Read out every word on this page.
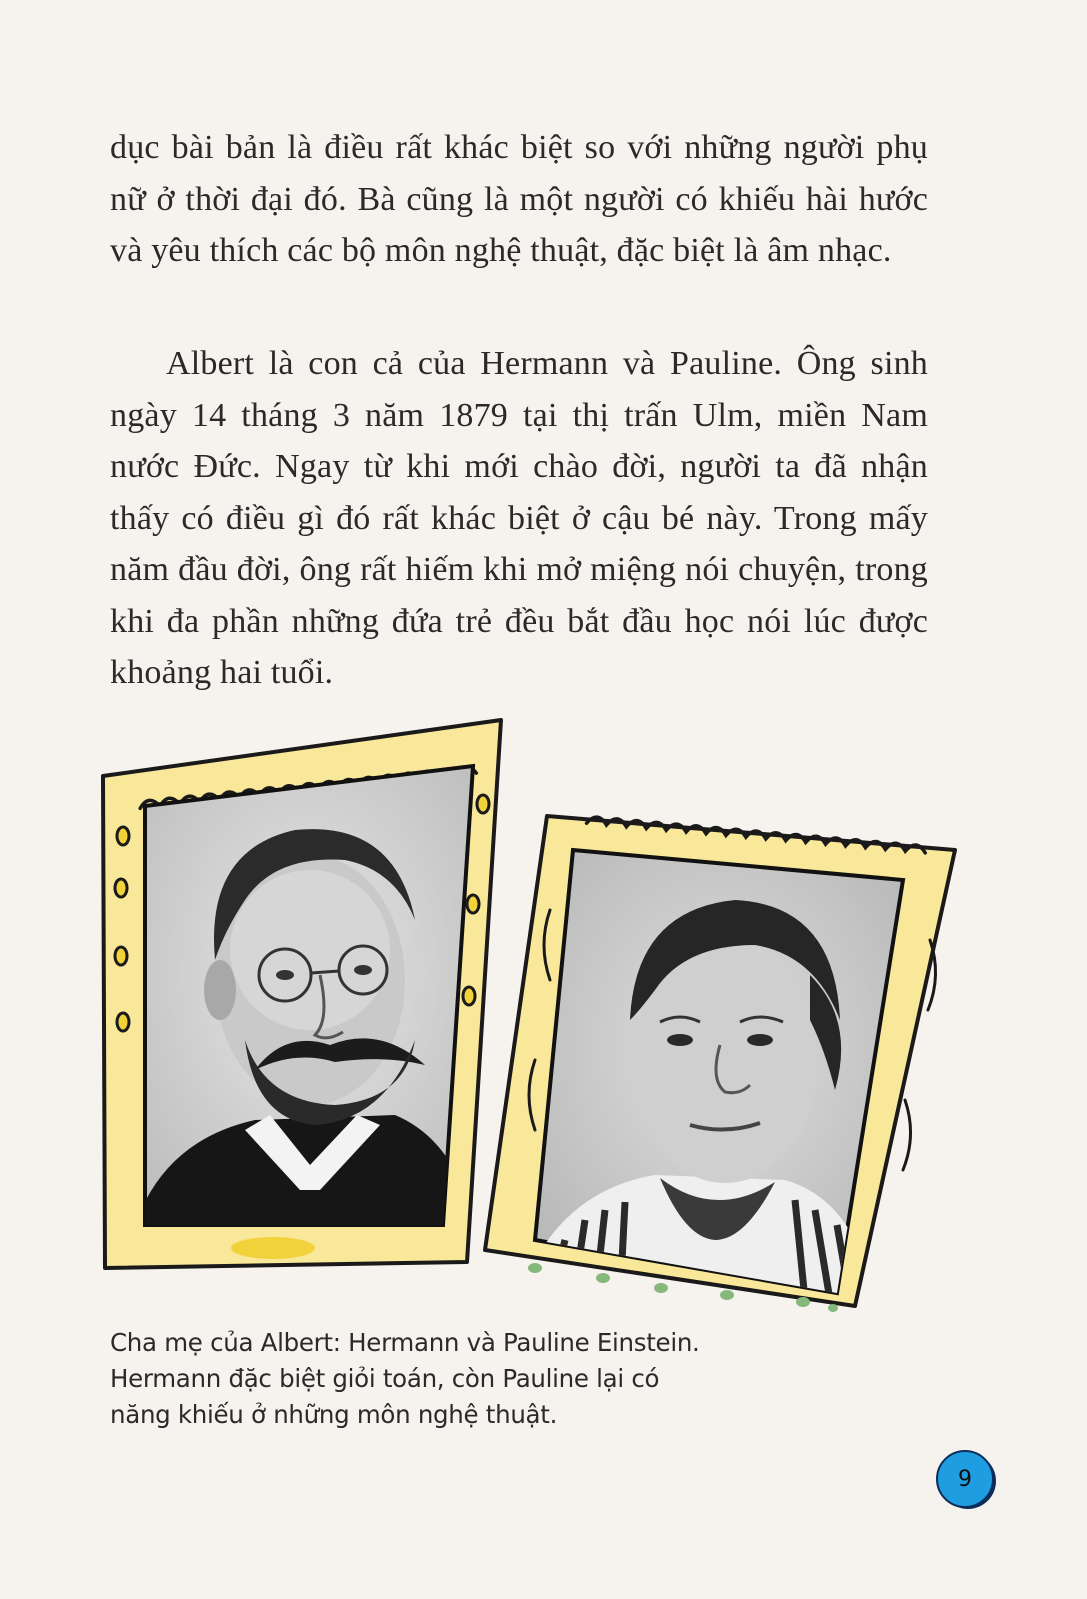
dục bài bản là điều rất khác biệt so với những người phụ nữ ở thời đại đó. Bà cũng là một người có khiếu hài hước và yêu thích các bộ môn nghệ thuật, đặc biệt là âm nhạc.

Albert là con cả của Hermann và Pauline. Ông sinh ngày 14 tháng 3 năm 1879 tại thị trấn Ulm, miền Nam nước Đức. Ngay từ khi mới chào đời, người ta đã nhận thấy có điều gì đó rất khác biệt ở cậu bé này. Trong mấy năm đầu đời, ông rất hiếm khi mở miệng nói chuyện, trong khi đa phần những đứa trẻ đều bắt đầu học nói lúc được khoảng hai tuổi.

Cha mẹ của Albert: Hermann và Pauline Einstein.
Hermann đặc biệt giỏi toán, còn Pauline lại có
năng khiếu ở những môn nghệ thuật.

9
